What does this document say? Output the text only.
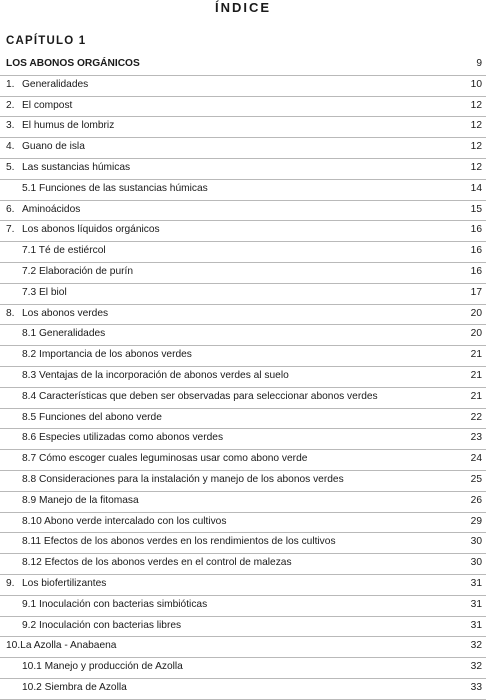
ÍNDICE
CAPÍTULO 1
LOS ABONOS ORGÁNICOS	9
1. Generalidades	10
2. El compost	12
3. El humus de lombriz	12
4. Guano de isla	12
5. Las sustancias húmicas	12
5.1 Funciones de las sustancias húmicas	14
6. Aminoácidos	15
7. Los abonos líquidos orgánicos	16
7.1 Té de estiércol	16
7.2 Elaboración de purín	16
7.3 El biol	17
8. Los abonos verdes	20
8.1 Generalidades	20
8.2 Importancia de los abonos verdes	21
8.3 Ventajas de la incorporación de abonos verdes al suelo	21
8.4 Características que deben ser observadas para seleccionar abonos verdes	21
8.5 Funciones del abono verde	22
8.6 Especies utilizadas como abonos verdes	23
8.7 Cómo escoger cuales leguminosas usar como abono verde	24
8.8 Consideraciones para la instalación y manejo de los abonos verdes	25
8.9 Manejo de la fitomasa	26
8.10 Abono verde intercalado con los cultivos	29
8.11 Efectos de los abonos verdes en los rendimientos de los cultivos	30
8.12 Efectos de los abonos verdes en el control de malezas	30
9. Los biofertilizantes	31
9.1 Inoculación con bacterias simbióticas	31
9.2 Inoculación con bacterias libres	31
10.La Azolla - Anabaena	32
10.1 Manejo y producción de Azolla	32
10.2 Siembra de Azolla	33
